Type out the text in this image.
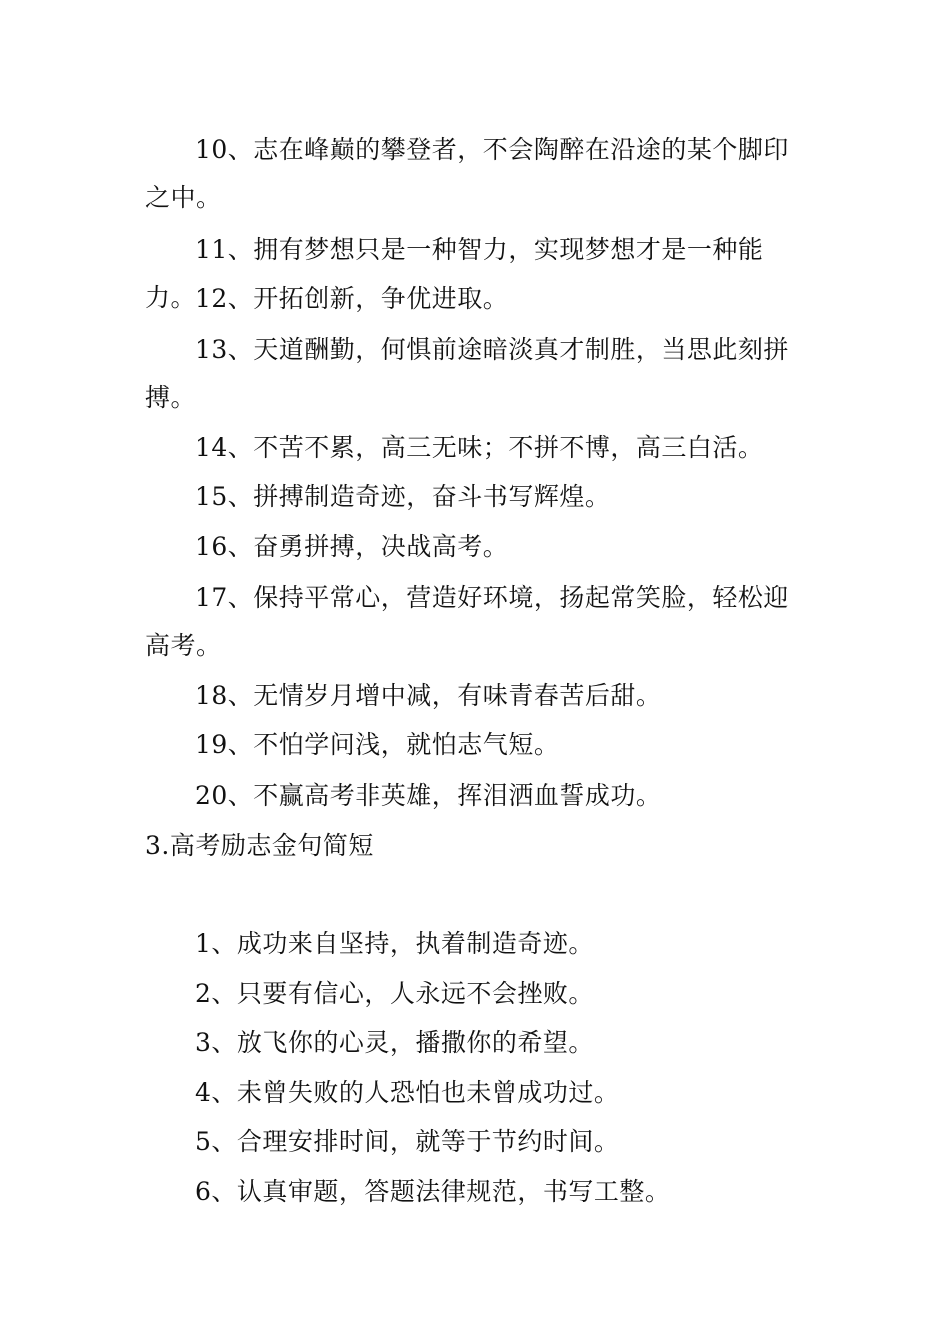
10、志在峰巅的攀登者，不会陶醉在沿途的某个脚印之中。

11、拥有梦想只是一种智力，实现梦想才是一种能力。

12、开拓创新，争优进取。

13、天道酬勤，何惧前途暗淡真才制胜，当思此刻拼搏。

14、不苦不累，高三无味；不拼不博，高三白活。

15、拼搏制造奇迹，奋斗书写辉煌。

16、奋勇拼搏，决战高考。

17、保持平常心，营造好环境，扬起常笑脸，轻松迎高考。

18、无情岁月增中减，有味青春苦后甜。

19、不怕学问浅，就怕志气短。

20、不赢高考非英雄，挥泪洒血誓成功。

3.高考励志金句简短

1、成功来自坚持，执着制造奇迹。

2、只要有信心，人永远不会挫败。

3、放飞你的心灵，播撒你的希望。

4、未曾失败的人恐怕也未曾成功过。

5、合理安排时间，就等于节约时间。

6、认真审题，答题法律规范，书写工整。
